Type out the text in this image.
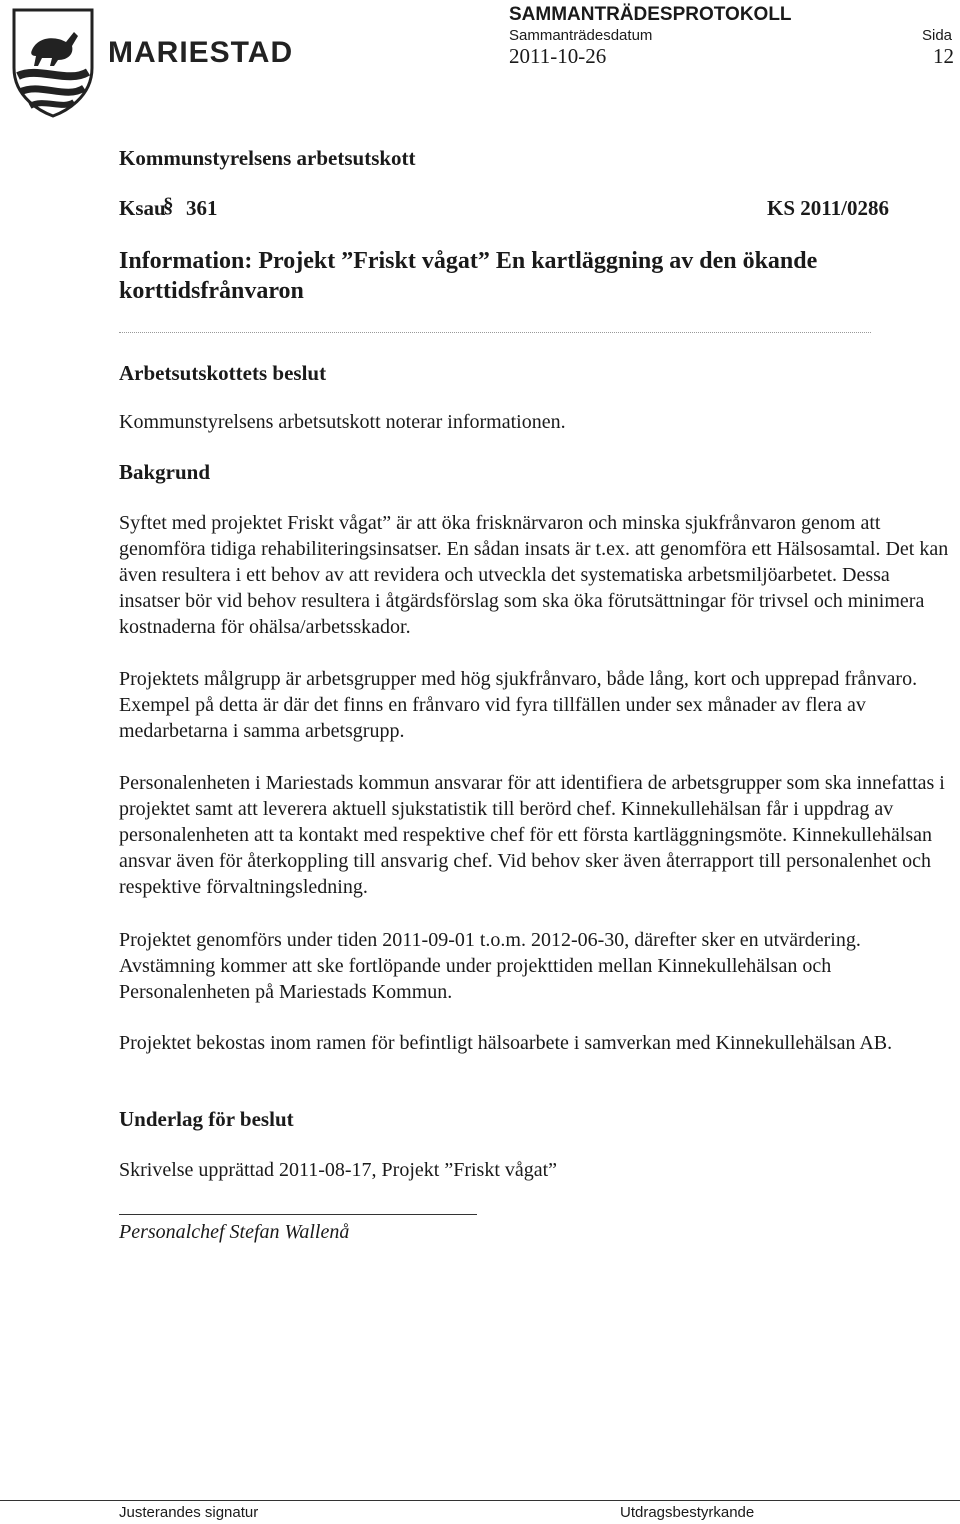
MARIESTAD
SAMMANTRÄDESPROTOKOLL
Sammanträdesdatum	Sida
2011-10-26	12
Kommunstyrelsens arbetsutskott
Ksau
§ 361	KS 2011/0286
Information: Projekt ”Friskt vågat” En kartläggning av den ökande korttidsfrånvaron
Arbetsutskottets beslut
Kommunstyrelsens arbetsutskott noterar informationen.
Bakgrund
Syftet med projektet Friskt vågat” är att öka frisknärvaron och minska sjukfrånvaron genom att genomföra tidiga rehabiliteringsinsatser. En sådan insats är t.ex. att genomföra ett Hälsosamtal. Det kan även resultera i ett behov av att revidera och utveckla det systematiska arbetsmiljöarbetet. Dessa insatser bör vid behov resultera i åtgärdsförslag som ska öka förutsättningar för trivsel och minimera kostnaderna för ohälsa/arbetsskador.
Projektets målgrupp är arbetsgrupper med hög sjukfrånvaro, både lång, kort och upprepad frånvaro. Exempel på detta är där det finns en frånvaro vid fyra tillfällen under sex månader av flera av medarbetarna i samma arbetsgrupp.
Personalenheten i Mariestads kommun ansvarar för att identifiera de arbetsgrupper som ska innefattas i projektet samt att leverera aktuell sjukstatistik till berörd chef. Kinnekullehälsan får i uppdrag av personalenheten att ta kontakt med respektive chef för ett första kartläggningsmöte. Kinnekullehälsan ansvar även för återkoppling till ansvarig chef. Vid behov sker även återrapport till personalenhet och respektive förvaltningsledning.
Projektet genomförs under tiden 2011-09-01 t.o.m. 2012-06-30, därefter sker en utvärdering. Avstämning kommer att ske fortlöpande under projekttiden mellan Kinnekullehälsan och Personalenheten på Mariestads Kommun.
Projektet bekostas inom ramen för befintligt hälsoarbete i samverkan med Kinnekullehälsan AB.
Underlag för beslut
Skrivelse upprättad 2011-08-17, Projekt ”Friskt vågat”
Personalchef Stefan Wallenå
Justerandes signatur	Utdragsbestyrkande
